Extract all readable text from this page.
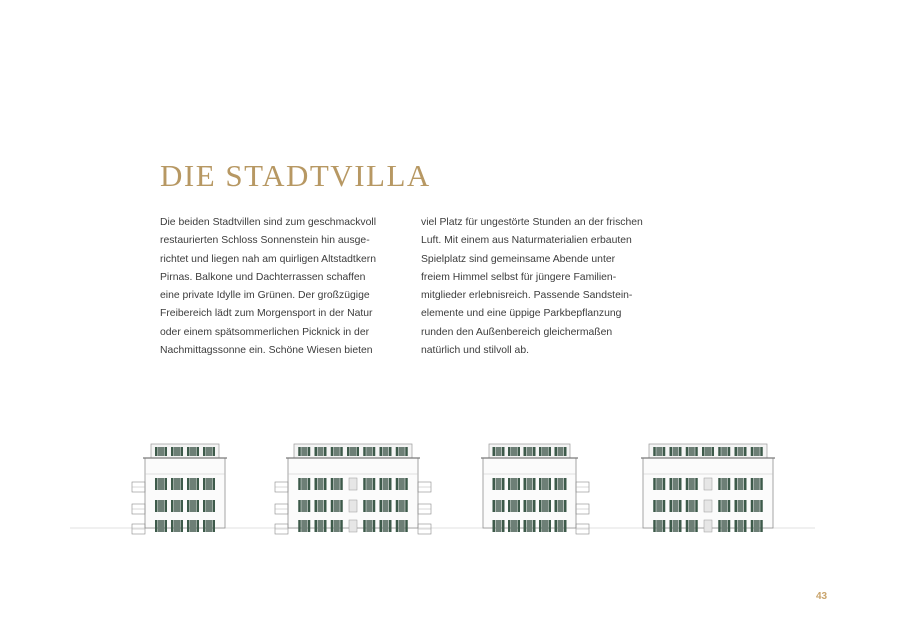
DIE STADTVILLA
Die beiden Stadtvillen sind zum geschmackvoll
restaurierten Schloss Sonnenstein hin ausge-
richtet und liegen nah am quirligen Altstadtkern
Pirnas. Balkone und Dachterrassen schaffen
eine private Idylle im Grünen. Der großzügige
Freibereich lädt zum Morgensport in der Natur
oder einem spätsommerlichen Picknick in der
Nachmittagssonne ein. Schöne Wiesen bieten
viel Platz für ungestörte Stunden an der frischen
Luft. Mit einem aus Naturmaterialien erbauten
Spielplatz sind gemeinsame Abende unter
freiem Himmel selbst für jüngere Familien-
mitglieder erlebnisreich. Passende Sandstein-
elemente und eine üppige Parkbepflanzung
runden den Außenbereich gleichermaßen
natürlich und stilvoll ab.
43
